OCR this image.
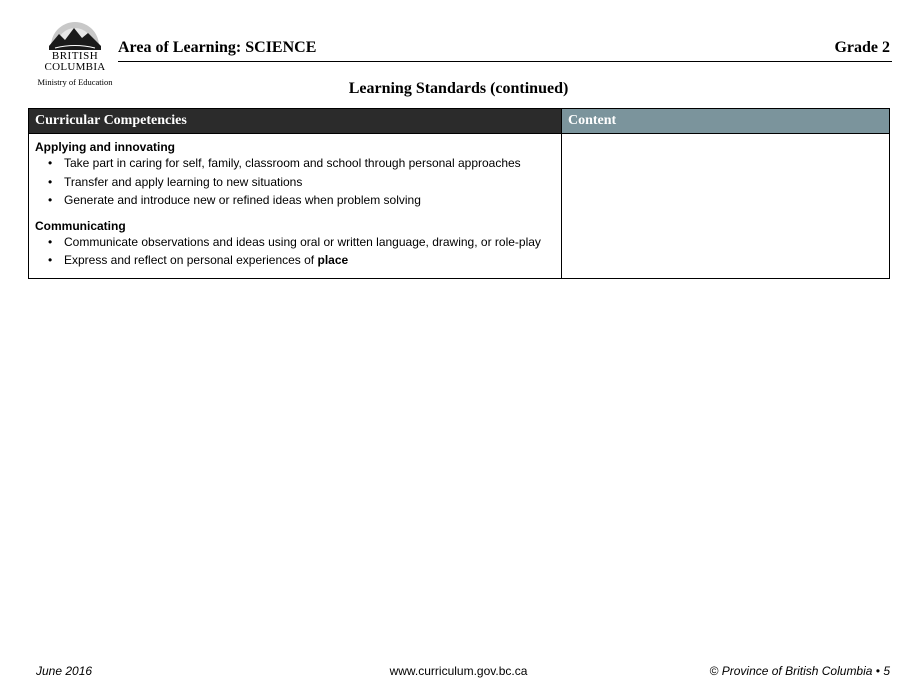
BRITISH
COLUMBIA
Ministry of Education
Area of Learning: SCIENCE	Grade 2
Learning Standards (continued)
Curricular Competencies	Content
Applying and innovating
• Take part in caring for self, family, classroom and school through personal approaches
• Transfer and apply learning to new situations
• Generate and introduce new or refined ideas when problem solving
Communicating
• Communicate observations and ideas using oral or written language, drawing, or role-play
• Express and reflect on personal experiences of place
June 2016	www.curriculum.gov.bc.ca	© Province of British Columbia • 5
